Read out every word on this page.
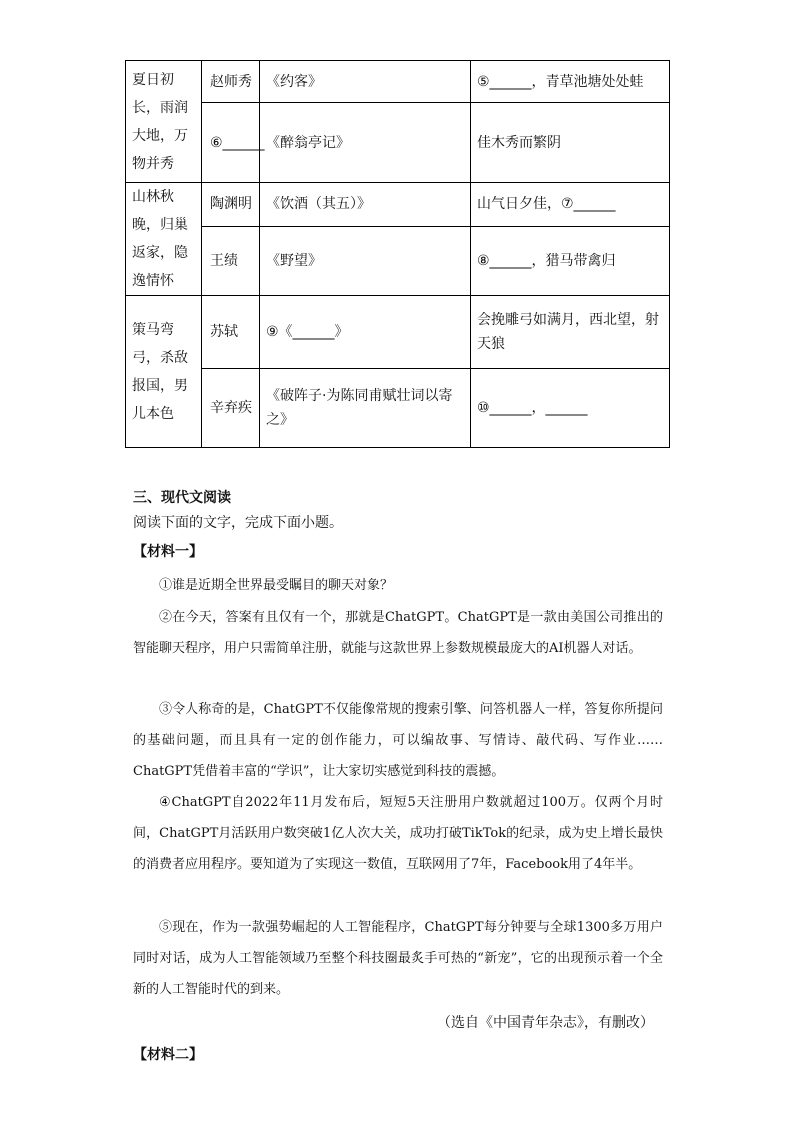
夏日初长，雨润大地，万物并秀	赵师秀	《约客》	⑤______，青草池塘处处蛙
	⑥______	《醉翁亭记》	佳木秀而繁阴
山林秋晚，归巢返家，隐逸情怀	陶渊明	《饮酒（其五）》	山气日夕佳，⑦______
	王绩	《野望》	⑧______，猎马带禽归
策马弯弓，杀敌报国，男儿本色	苏轼	⑨《______》	会挽雕弓如满月，西北望，射天狼
	辛弃疾	《破阵子·为陈同甫赋壮词以寄之》	⑩______，______
三、现代文阅读
阅读下面的文字，完成下面小题。
【材料一】
①谁是近期全世界最受瞩目的聊天对象？
②在今天，答案有且仅有一个，那就是ChatGPT。ChatGPT是一款由美国公司推出的智能聊天程序，用户只需简单注册，就能与这款世界上参数规模最庞大的AI机器人对话。
③令人称奇的是，ChatGPT不仅能像常规的搜索引擎、问答机器人一样，答复你所提问的基础问题，而且具有一定的创作能力，可以编故事、写情诗、敲代码、写作业……ChatGPT凭借着丰富的“学识”，让大家切实感觉到科技的震撼。
④ChatGPT自2022年11月发布后，短短5天注册用户数就超过100万。仅两个月时间，ChatGPT月活跃用户数突破1亿人次大关，成功打破TikTok的纪录，成为史上增长最快的消费者应用程序。要知道为了实现这一数值，互联网用了7年，Facebook用了4年半。
⑤现在，作为一款强势崛起的人工智能程序，ChatGPT每分钟要与全球1300多万用户同时对话，成为人工智能领域乃至整个科技圈最炙手可热的“新宠”，它的出现预示着一个全新的人工智能时代的到来。
（选自《中国青年杂志》，有删改）
【材料二】
